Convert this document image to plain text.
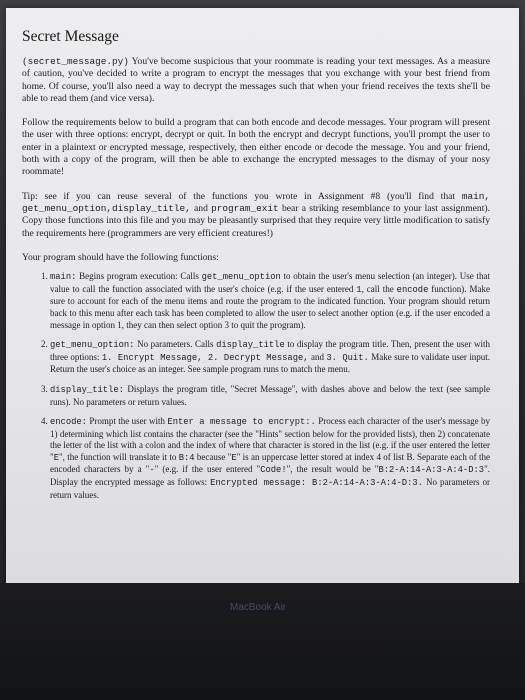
Secret Message

(secret_message.py) You've become suspicious that your roommate is reading your text messages. As a measure of caution, you've decided to write a program to encrypt the messages that you exchange with your best friend from home. Of course, you'll also need a way to decrypt the messages such that when your friend receives the texts she'll be able to read them (and vice versa).

Follow the requirements below to build a program that can both encode and decode messages. Your program will present the user with three options: encrypt, decrypt or quit. In both the encrypt and decrypt functions, you'll prompt the user to enter in a plaintext or encrypted message, respectively, then either encode or decode the message. You and your friend, both with a copy of the program, will then be able to exchange the encrypted messages to the dismay of your nosy roommate!

Tip: see if you can reuse several of the functions you wrote in Assignment #8 (you'll find that main, get_menu_option,display_title, and program_exit bear a striking resemblance to your last assignment). Copy those functions into this file and you may be pleasantly surprised that they require very little modification to satisfy the requirements here (programmers are very efficient creatures!)

Your program should have the following functions:

1. main: Begins program execution: Calls get_menu_option to obtain the user's menu selection (an integer). Use that value to call the function associated with the user's choice (e.g. if the user entered 1, call the encode function). Make sure to account for each of the menu items and route the program to the indicated function. Your program should return back to this menu after each task has been completed to allow the user to select another option (e.g. if the user encoded a message in option 1, they can then select option 3 to quit the program).
2. get_menu_option: No parameters. Calls display_title to display the program title. Then, present the user with three options: 1. Encrypt Message, 2. Decrypt Message, and 3. Quit. Make sure to validate user input. Return the user's choice as an integer. See sample program runs to match the menu.
3. display_title: Displays the program title, "Secret Message", with dashes above and below the text (see sample runs). No parameters or return values.
4. encode: Prompt the user with Enter a message to encrypt:. Process each character of the user's message by 1) determining which list contains the character (see the "Hints" section below for the provided lists), then 2) concatenate the letter of the list with a colon and the index of where that character is stored in the list (e.g. if the user entered the letter "E", the function will translate it to B:4 because "E" is an uppercase letter stored at index 4 of list B. Separate each of the encoded characters by a "-" (e.g. if the user entered "Code!", the result would be "B:2-A:14-A:3-A:4-D:3". Display the encrypted message as follows: Encrypted message: B:2-A:14-A:3-A:4-D:3. No parameters or return values.
MacBook Air
